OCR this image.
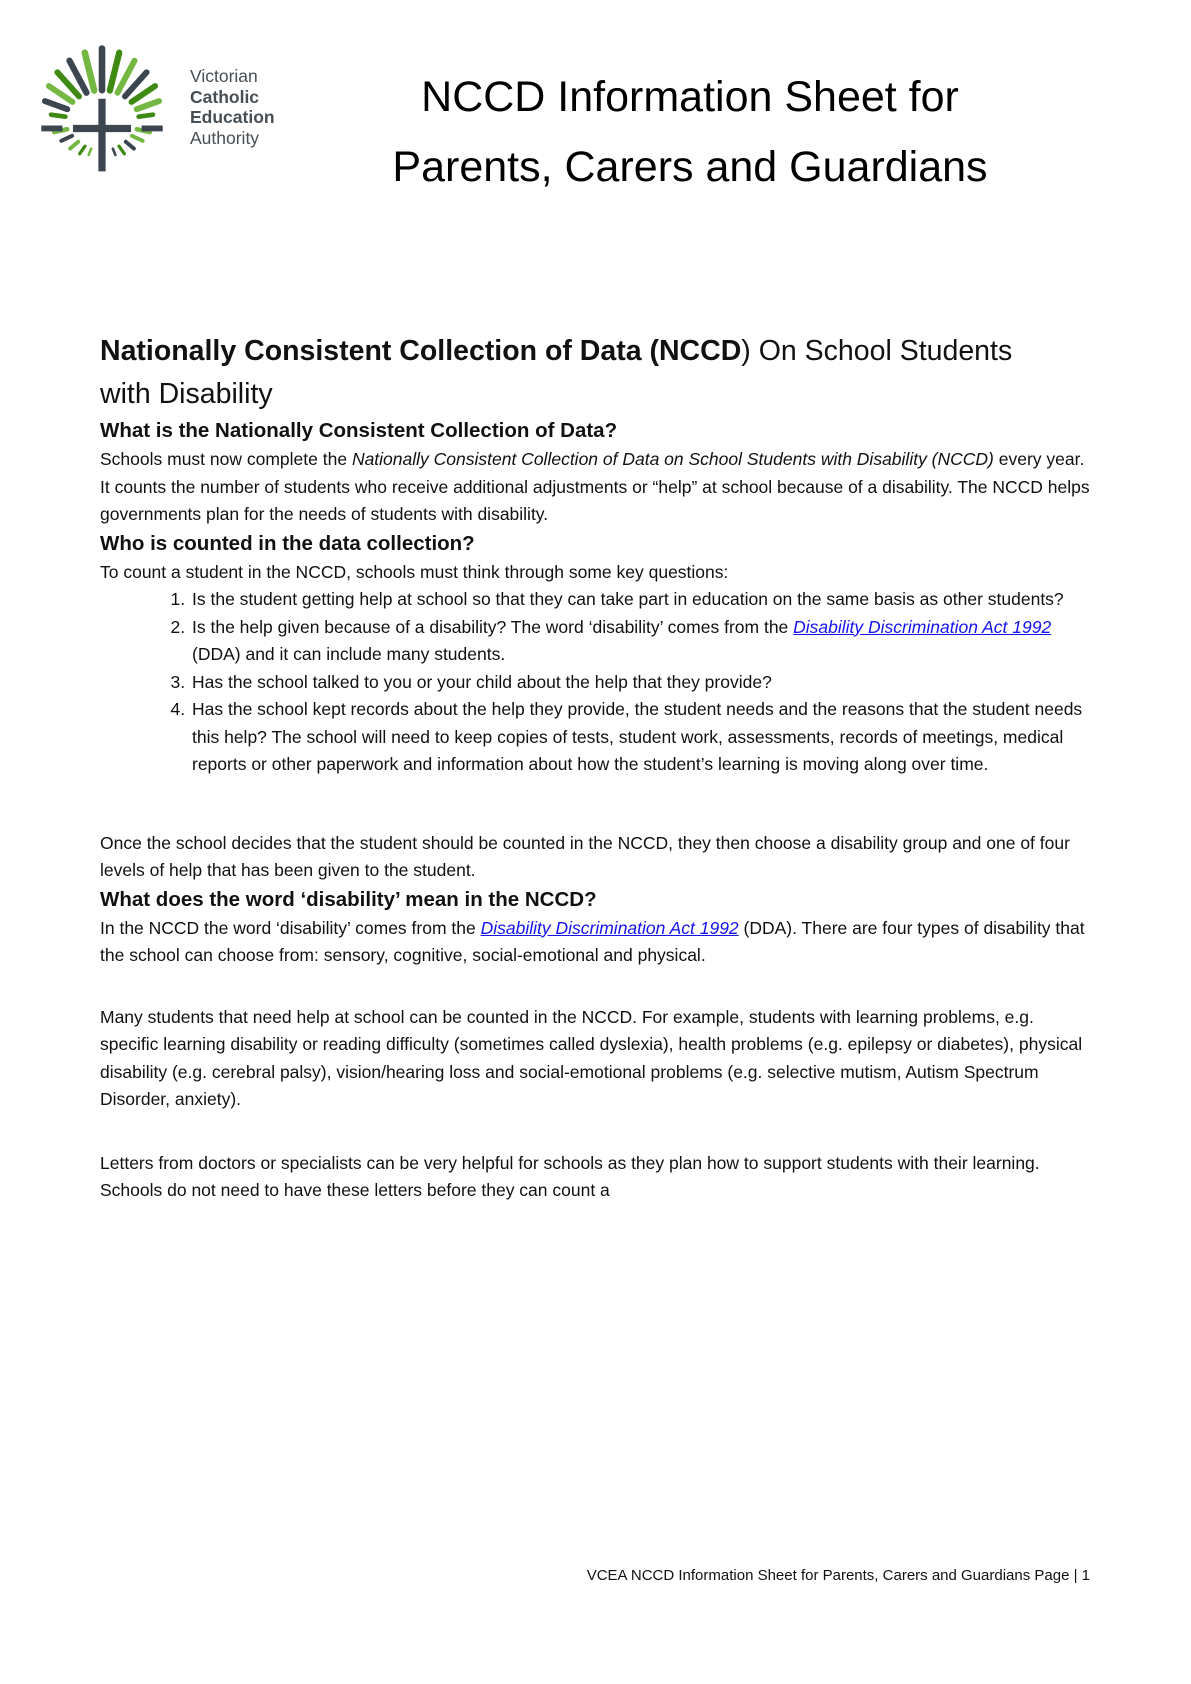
Victorian
Catholic
Education
Authority
NCCD Information Sheet for
Parents, Carers and Guardians
Nationally Consistent Collection of Data (NCCD) On School Students with Disability
What is the Nationally Consistent Collection of Data?

Schools must now complete the Nationally Consistent Collection of Data on School Students with Disability (NCCD) every year. It counts the number of students who receive additional adjustments or “help” at school because of a disability. The NCCD helps governments plan for the needs of students with disability.

Who is counted in the data collection?

To count a student in the NCCD, schools must think through some key questions:

1. Is the student getting help at school so that they can take part in education on the same basis as other students?
2. Is the help given because of a disability? The word ‘disability’ comes from the Disability Discrimination Act 1992 (DDA) and it can include many students.
3. Has the school talked to you or your child about the help that they provide?
4. Has the school kept records about the help they provide, the student needs and the reasons that the student needs this help? The school will need to keep copies of tests, student work, assessments, records of meetings, medical reports or other paperwork and information about how the student’s learning is moving along over time.

Once the school decides that the student should be counted in the NCCD, they then choose a disability group and one of four levels of help that has been given to the student.

What does the word ‘disability’ mean in the NCCD?

In the NCCD the word ‘disability’ comes from the Disability Discrimination Act 1992 (DDA). There are four types of disability that the school can choose from: sensory, cognitive, social-emotional and physical.

Many students that need help at school can be counted in the NCCD. For example, students with learning problems, e.g. specific learning disability or reading difficulty (sometimes called dyslexia), health problems (e.g. epilepsy or diabetes), physical disability (e.g. cerebral palsy), vision/hearing loss and social-emotional problems (e.g. selective mutism, Autism Spectrum Disorder, anxiety).

Letters from doctors or specialists can be very helpful for schools as they plan how to support students with their learning. Schools do not need to have these letters before they can count a

VCEA NCCD Information Sheet for Parents, Carers and Guardians Page | 1
